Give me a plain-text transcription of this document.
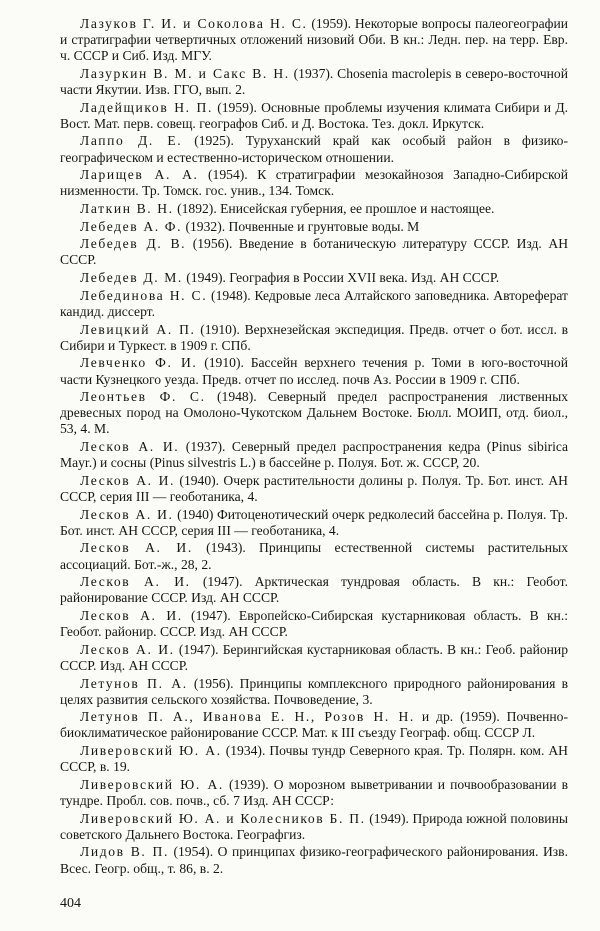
Лазуков Г. И. и Соколова Н. С. (1959). Некоторые вопросы палеогеографии и стратиграфии четвертичных отложений низовий Оби. В кн.: Ледн. пер. на терр. Евр. ч. СССР и Сиб. Изд. МГУ.
Лазуркин В. М. и Сакс В. Н. (1937). Chosenia macrolepis в северо-восточной части Якутии. Изв. ГГО, вып. 2.
Ладейщиков Н. П. (1959). Основные проблемы изучения климата Сибири и Д. Вост. Мат. перв. совещ. географов Сиб. и Д. Востока. Тез. докл. Иркутск.
Лаппо Д. Е. (1925). Туруханский край как особый район в физико-географическом и естественно-историческом отношении.
Ларищев А. А. (1954). К стратиграфии мезокайнозоя Западно-Сибирской низменности. Тр. Томск. гос. унив., 134. Томск.
Латкин В. Н. (1892). Енисейская губерния, ее прошлое и настоящее.
Лебедев А. Ф. (1932). Почвенные и грунтовые воды. М
Лебедев Д. В. (1956). Введение в ботаническую литературу СССР. Изд. АН СССР.
Лебедев Д. М. (1949). География в России XVII века. Изд. АН СССР.
Лебединова Н. С. (1948). Кедровые леса Алтайского заповедника. Автореферат кандид. диссерт.
Левицкий А. П. (1910). Верхнезейская экспедиция. Предв. отчет о бот. иссл. в Сибири и Туркест. в 1909 г. СПб.
Левченко Ф. И. (1910). Бассейн верхнего течения р. Томи в юго-восточной части Кузнецкого уезда. Предв. отчет по исслед. почв Аз. России в 1909 г. СПб.
Леонтьев Ф. С. (1948). Северный предел распространения лиственных древесных пород на Омолоно-Чукотском Дальнем Востоке. Бюлл. МОИП, отд. биол., 53, 4. М.
Лесков А. И. (1937). Северный предел распространения кедра (Pinus sibirica Mayr.) и сосны (Pinus silvestris L.) в бассейне р. Полуя. Бот. ж. СССР, 20.
Лесков А. И. (1940). Очерк растительности долины р. Полуя. Тр. Бот. инст. АН СССР, серия III — геоботаника, 4.
Лесков А. И. (1940) Фитоценотический очерк редколесий бассейна р. Полуя. Тр. Бот. инст. АН СССР, серия III — геоботаника, 4.
Лесков А. И. (1943). Принципы естественной системы растительных ассоциаций. Бот.-ж., 28, 2.
Лесков А. И. (1947). Арктическая тундровая область. В кн.: Геобот. районирование СССР. Изд. АН СССР.
Лесков А. И. (1947). Европейско-Сибирская кустарниковая область. В кн.: Геобот. районир. СССР. Изд. АН СССР.
Лесков А. И. (1947). Берингийская кустарниковая область. В кн.: Геоб. районир СССР. Изд. АН СССР.
Летунов П. А. (1956). Принципы комплексного природного районирования в целях развития сельского хозяйства. Почвоведение, 3.
Летунов П. А., Иванова Е. Н., Розов Н. Н. и др. (1959). Почвенно-биоклиматическое районирование СССР. Мат. к III съезду Географ. общ. СССР Л.
Ливеровский Ю. А. (1934). Почвы тундр Северного края. Тр. Полярн. ком. АН СССР, в. 19.
Ливеровский Ю. А. (1939). О морозном выветривании и почвообразовании в тундре. Пробл. сов. почв., сб. 7 Изд. АН СССР:
Ливеровский Ю. А. и Колесников Б. П. (1949). Природа южной половины советского Дальнего Востока. Географгиз.
Лидов В. П. (1954). О принципах физико-географического районирования. Изв. Всес. Геогр. общ., т. 86, в. 2.
404
